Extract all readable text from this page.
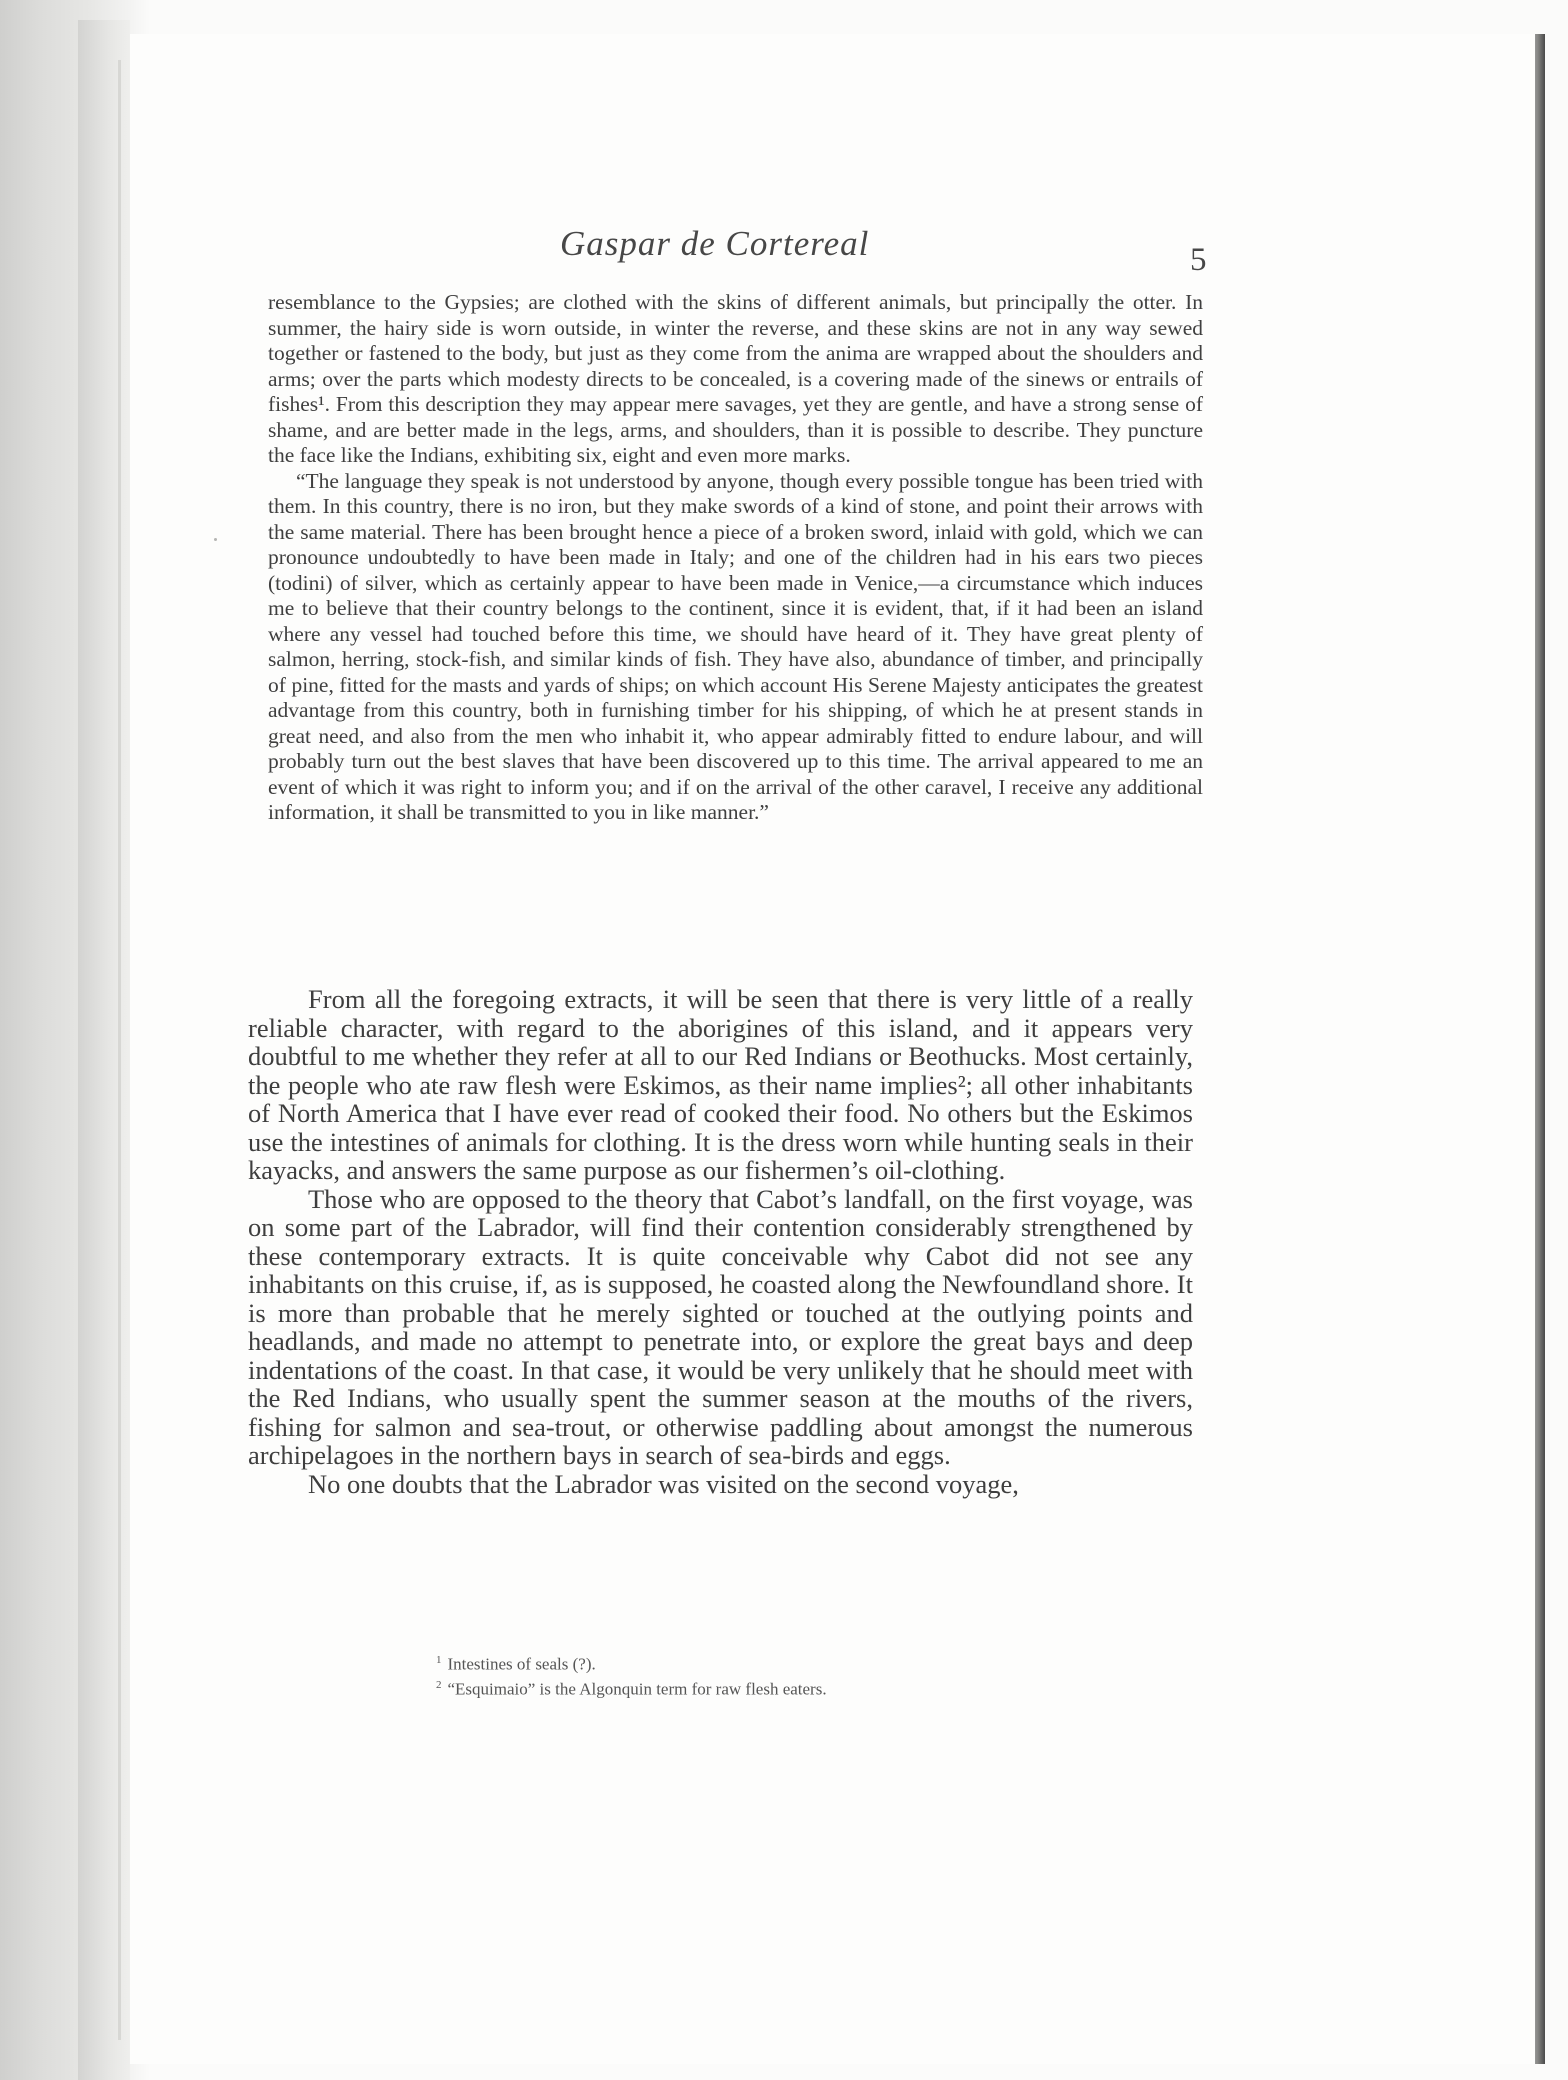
Gaspar de Cortereal	5

resemblance to the Gypsies; are clothed with the skins of different animals, but principally the otter. In summer, the hairy side is worn outside, in winter the reverse, and these skins are not in any way sewed together or fastened to the body, but just as they come from the anima are wrapped about the shoulders and arms; over the parts which modesty directs to be concealed, is a covering made of the sinews or entrails of fishes¹. From this description they may appear mere savages, yet they are gentle, and have a strong sense of shame, and are better made in the legs, arms, and shoulders, than it is possible to describe. They puncture the face like the Indians, exhibiting six, eight and even more marks.

“The language they speak is not understood by anyone, though every possible tongue has been tried with them. In this country, there is no iron, but they make swords of a kind of stone, and point their arrows with the same material. There has been brought hence a piece of a broken sword, inlaid with gold, which we can pronounce undoubtedly to have been made in Italy; and one of the children had in his ears two pieces (todini) of silver, which as certainly appear to have been made in Venice,—a circumstance which induces me to believe that their country belongs to the continent, since it is evident, that, if it had been an island where any vessel had touched before this time, we should have heard of it. They have great plenty of salmon, herring, stock-fish, and similar kinds of fish. They have also, abundance of timber, and principally of pine, fitted for the masts and yards of ships; on which account His Serene Majesty anticipates the greatest advantage from this country, both in furnishing timber for his shipping, of which he at present stands in great need, and also from the men who inhabit it, who appear admirably fitted to endure labour, and will probably turn out the best slaves that have been discovered up to this time. The arrival appeared to me an event of which it was right to inform you; and if on the arrival of the other caravel, I receive any additional information, it shall be transmitted to you in like manner.”

From all the foregoing extracts, it will be seen that there is very little of a really reliable character, with regard to the aborigines of this island, and it appears very doubtful to me whether they refer at all to our Red Indians or Beothucks. Most certainly, the people who ate raw flesh were Eskimos, as their name implies²; all other inhabitants of North America that I have ever read of cooked their food. No others but the Eskimos use the intestines of animals for clothing. It is the dress worn while hunting seals in their kayacks, and answers the same purpose as our fishermen’s oil-clothing.

Those who are opposed to the theory that Cabot’s landfall, on the first voyage, was on some part of the Labrador, will find their contention considerably strengthened by these contemporary extracts. It is quite conceivable why Cabot did not see any inhabitants on this cruise, if, as is supposed, he coasted along the Newfoundland shore. It is more than probable that he merely sighted or touched at the outlying points and headlands, and made no attempt to penetrate into, or explore the great bays and deep indentations of the coast. In that case, it would be very unlikely that he should meet with the Red Indians, who usually spent the summer season at the mouths of the rivers, fishing for salmon and sea-trout, or otherwise paddling about amongst the numerous archipelagoes in the northern bays in search of sea-birds and eggs.

No one doubts that the Labrador was visited on the second voyage,

$^1$ Intestines of seals (?).
$^2$ “Esquimaio” is the Algonquin term for raw flesh eaters.
